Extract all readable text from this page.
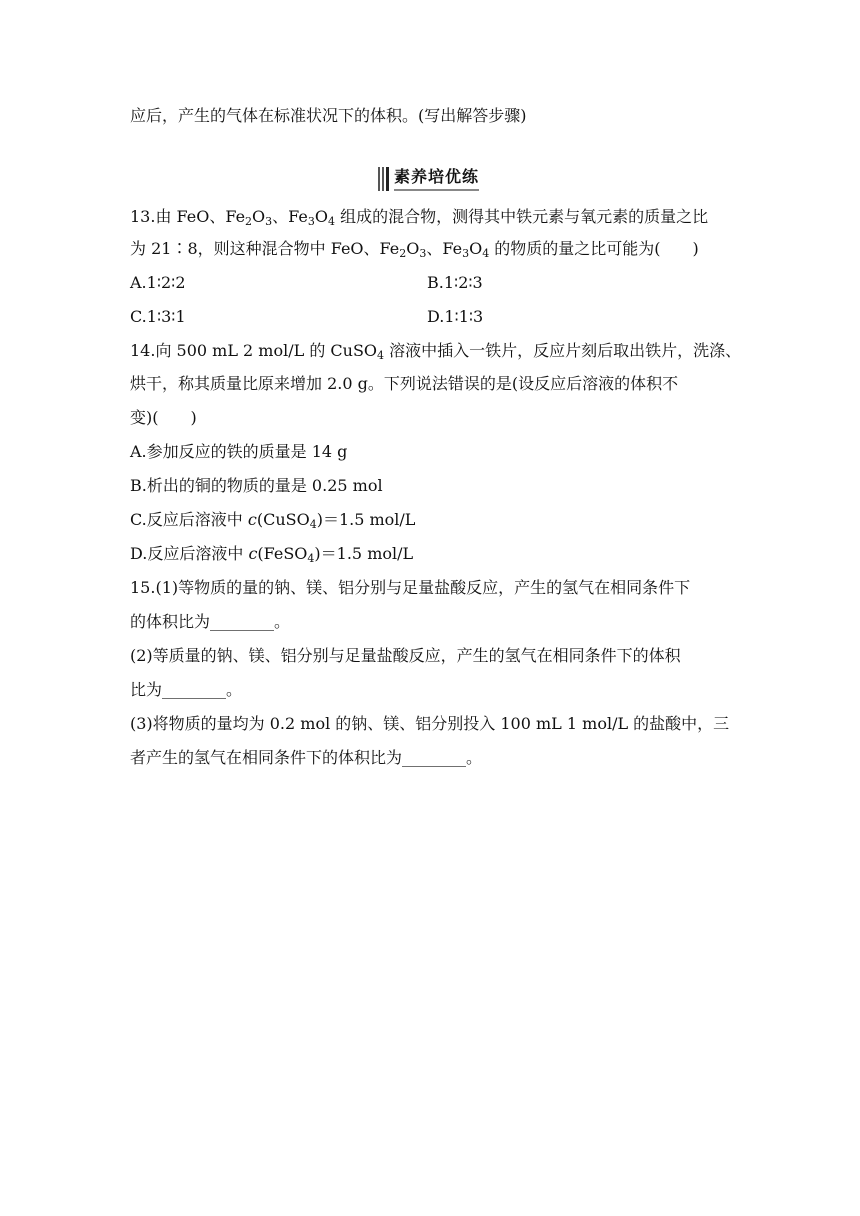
应后，产生的气体在标准状况下的体积。(写出解答步骤)
素养培优练
13.由 FeO、$Fe_2O_3$、$Fe_3O_4$ 组成的混合物，测得其中铁元素与氧元素的质量之比
为 21∶8，则这种混合物中 FeO、$Fe_2O_3$、$Fe_3O_4$ 的物质的量之比可能为(　　)
A.1∶2∶2	B.1∶2∶3
C.1∶3∶1	D.1∶1∶3
14.向 500 mL 2 mol/L 的 CuSO$_4$ 溶液中插入一铁片，反应片刻后取出铁片，洗涤、
烘干，称其质量比原来增加 2.0 g。下列说法错误的是(设反应后溶液的体积不
变)(　　)
A.参加反应的铁的质量是 14 g
B.析出的铜的物质的量是 0.25 mol
C.反应后溶液中 c(CuSO$_4$)＝1.5 mol/L
D.反应后溶液中 c(FeSO$_4$)＝1.5 mol/L
15.(1)等物质的量的钠、镁、铝分别与足量盐酸反应，产生的氢气在相同条件下
的体积比为________。
(2)等质量的钠、镁、铝分别与足量盐酸反应，产生的氢气在相同条件下的体积
比为________。
(3)将物质的量均为 0.2 mol 的钠、镁、铝分别投入 100 mL 1 mol/L 的盐酸中，三
者产生的氢气在相同条件下的体积比为________。
